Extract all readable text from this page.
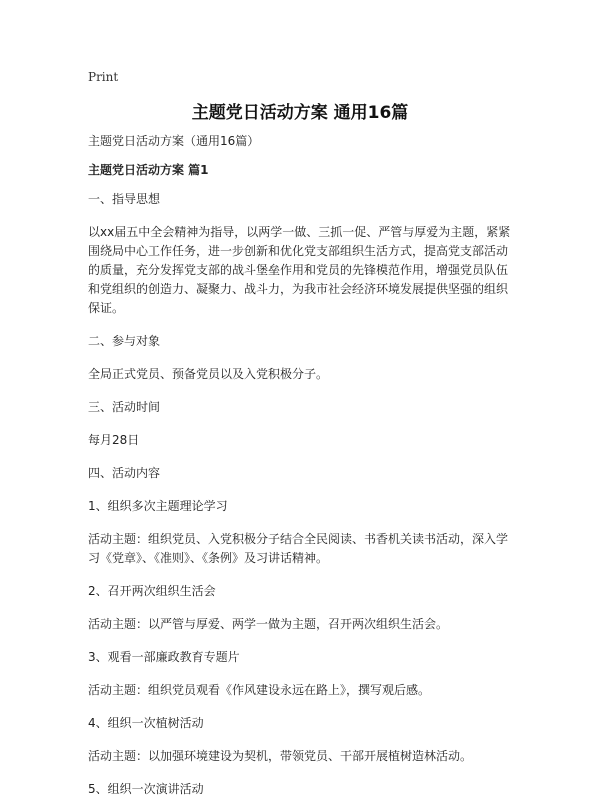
Print
主题党日活动方案 通用16篇

主题党日活动方案（通用16篇）

主题党日活动方案 篇1

一、指导思想

以xx届五中全会精神为指导，以两学一做、三抓一促、严管与厚爱为主题，紧紧围绕局中心工作任务，进一步创新和优化党支部组织生活方式，提高党支部活动的质量，充分发挥党支部的战斗堡垒作用和党员的先锋模范作用，增强党员队伍和党组织的创造力、凝聚力、战斗力，为我市社会经济环境发展提供坚强的组织保证。

二、参与对象

全局正式党员、预备党员以及入党积极分子。

三、活动时间

每月28日

四、活动内容

1、组织多次主题理论学习

活动主题：组织党员、入党积极分子结合全民阅读、书香机关读书活动，深入学习《党章》、《准则》、《条例》及习讲话精神。

2、召开两次组织生活会

活动主题：以严管与厚爱、两学一做为主题，召开两次组织生活会。

3、观看一部廉政教育专题片

活动主题：组织党员观看《作风建设永远在路上》，撰写观后感。

4、组织一次植树活动

活动主题：以加强环境建设为契机，带领党员、干部开展植树造林活动。

5、组织一次演讲活动
